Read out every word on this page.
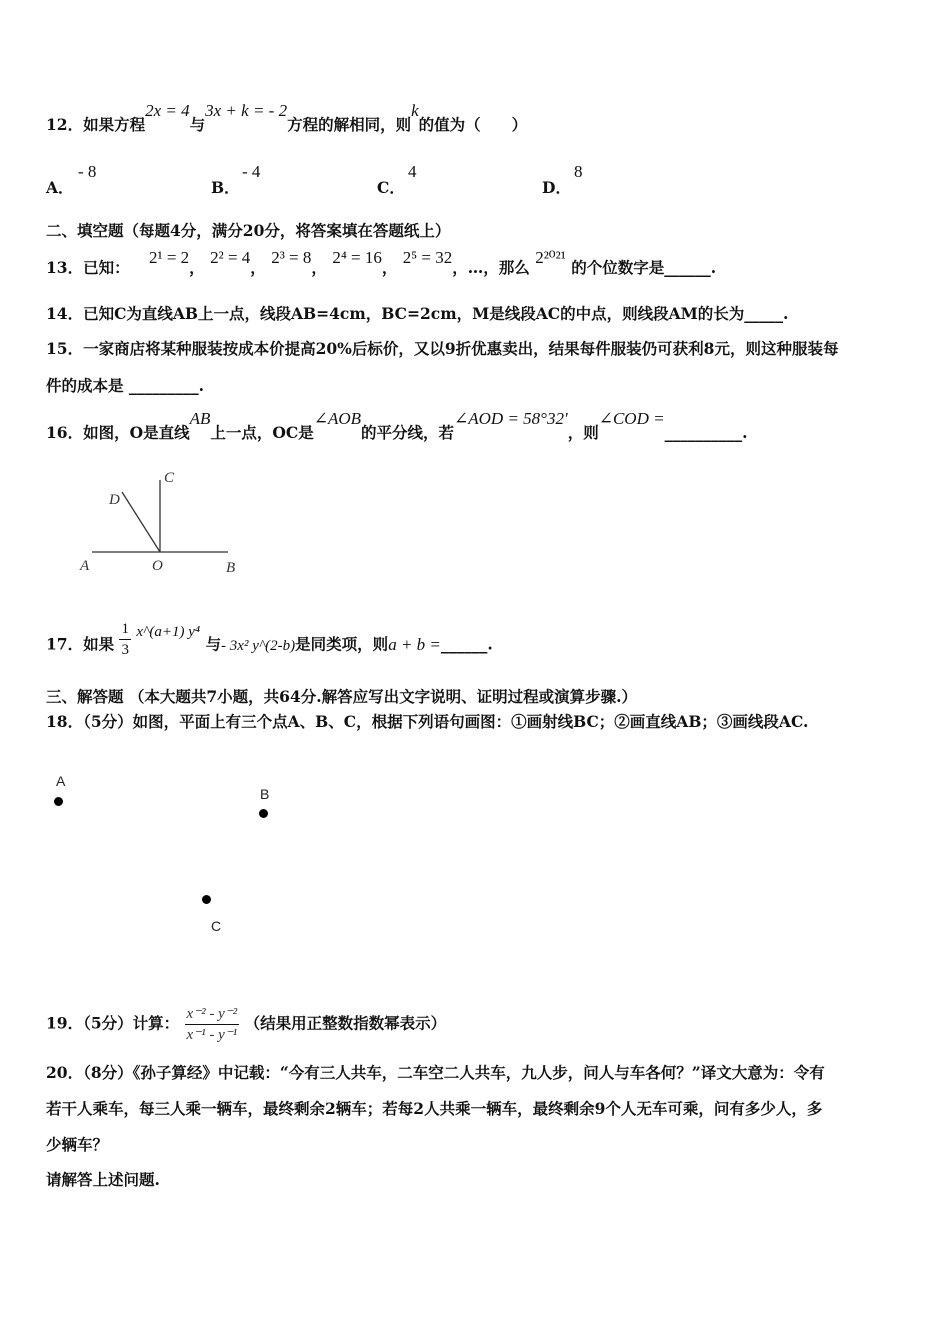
12．如果方程2x = 4与3x + k = - 2方程的解相同，则k的值为（　　）
A．
- 8
B．
- 4
C．
4
D．
8
二、填空题（每题4分，满分20分，将答案填在答题纸上）
13．已知： 2¹ = 2， 2² = 4， 2³ = 8， 2⁴ = 16， 2⁵ = 32，…，那么 2²⁰²¹ 的个位数字是______.
14．已知C为直线AB上一点，线段AB=4cm，BC=2cm，M是线段AC的中点，则线段AM的长为_____.
15．一家商店将某种服装按成本价提高20%后标价，又以9折优惠卖出，结果每件服装仍可获利8元，则这种服装每
件的成本是 _________.
16．如图，O是直线AB上一点，OC是∠AOB的平分线，若∠AOD = 58°32′，则∠COD =__________.
C
D
A	O	B
17．如果 $\frac{1}{3}$ x^(a+1) y⁴ 与- 3x² y^(2-b)是同类项，则a + b =______.
三、解答题 （本大题共7小题，共64分.解答应写出文字说明、证明过程或演算步骤.）
18．（5分）如图，平面上有三个点A、B、C，根据下列语句画图：①画射线BC；②画直线AB；③画线段AC.
A
B
C
19．（5分）计算： $\frac{\text{x⁻² - y⁻²}}{\text{x⁻¹ - y⁻¹}}$ （结果用正整数指数幂表示）
20．（8分）《孙子算经》中记载：“今有三人共车，二车空二人共车，九人步，问人与车各何？”译文大意为：令有
若干人乘车，每三人乘一辆车，最终剩余2辆车；若每2人共乘一辆车，最终剩余9个人无车可乘，问有多少人，多
少辆车？
请解答上述问题.
